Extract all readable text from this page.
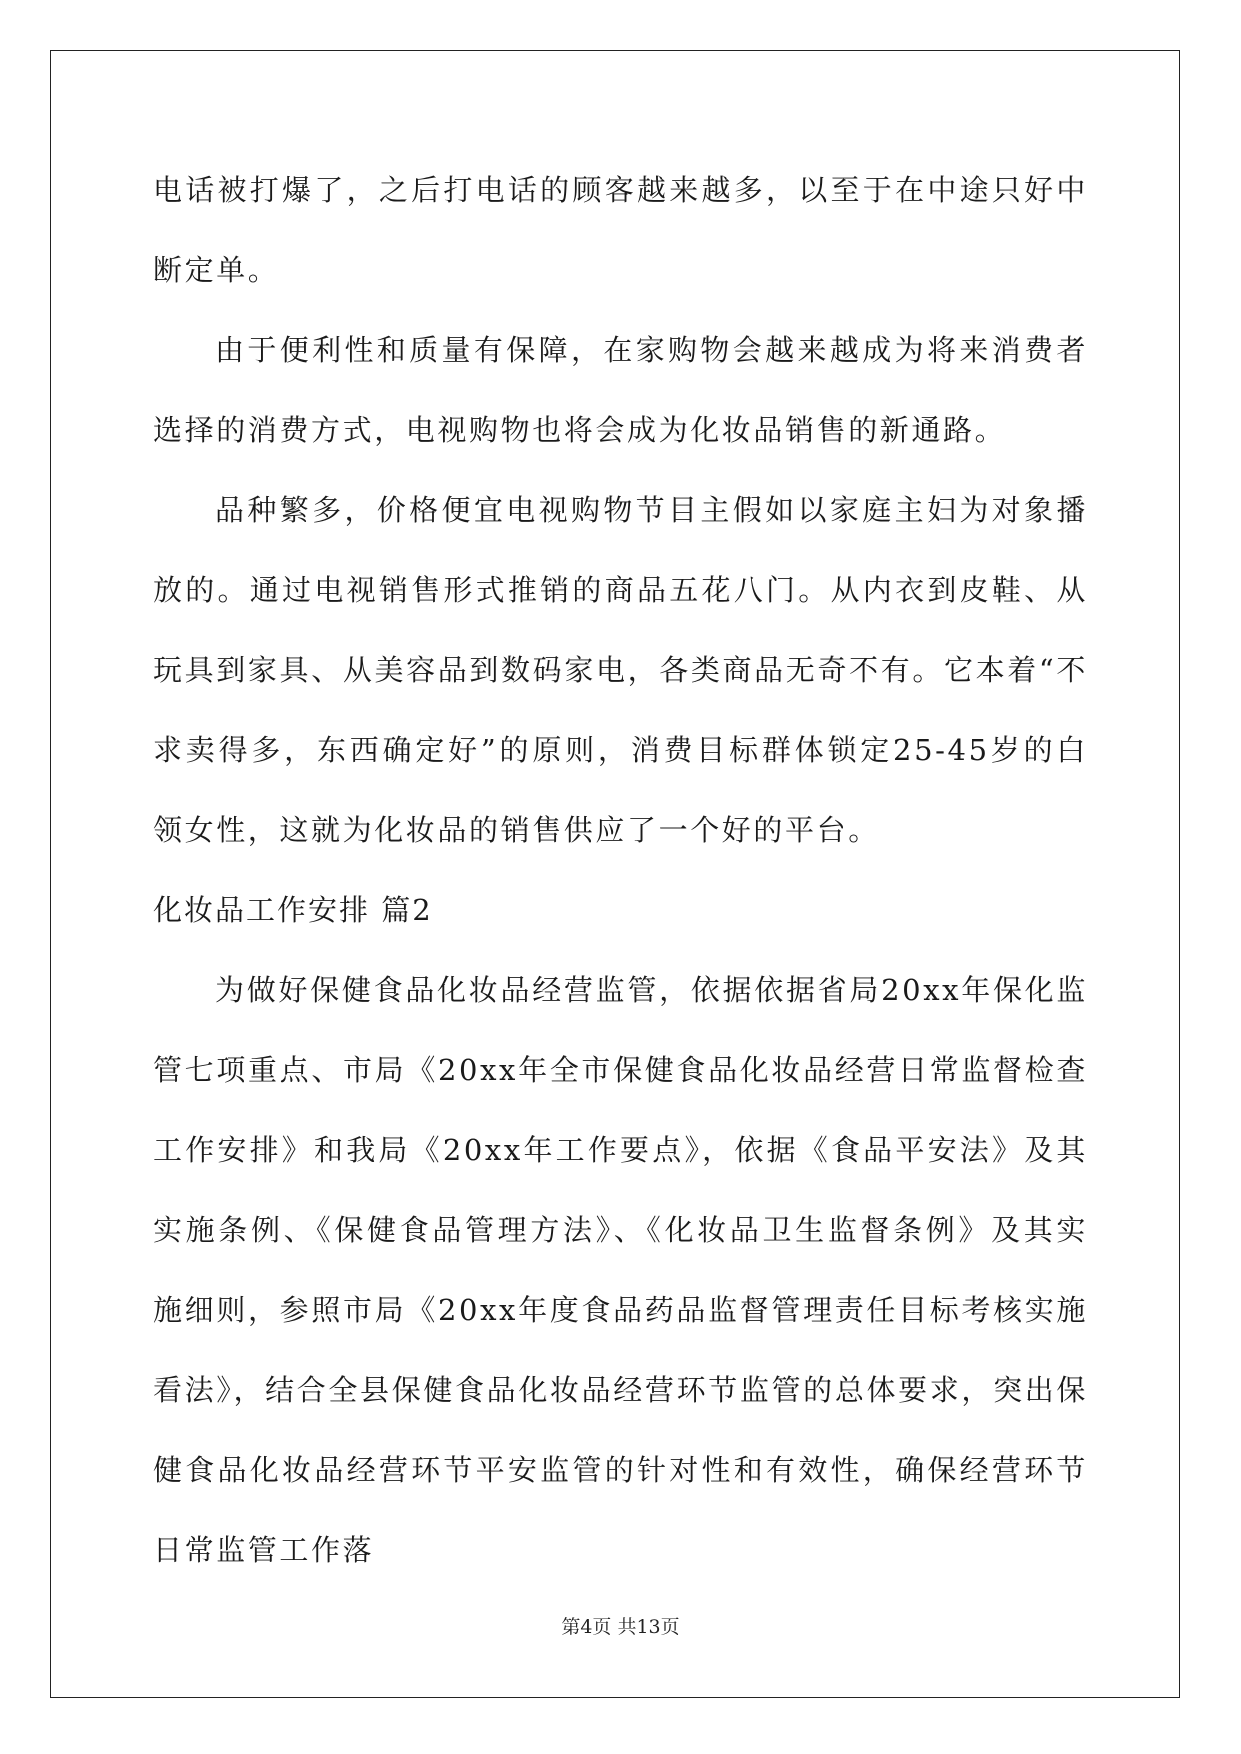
电话被打爆了，之后打电话的顾客越来越多，以至于在中途只好中断定单。

由于便利性和质量有保障，在家购物会越来越成为将来消费者选择的消费方式，电视购物也将会成为化妆品销售的新通路。

品种繁多，价格便宜电视购物节目主假如以家庭主妇为对象播放的。通过电视销售形式推销的商品五花八门。从内衣到皮鞋、从玩具到家具、从美容品到数码家电，各类商品无奇不有。它本着“不求卖得多，东西确定好”的原则，消费目标群体锁定25-45岁的白领女性，这就为化妆品的销售供应了一个好的平台。

化妆品工作安排 篇2

为做好保健食品化妆品经营监管，依据依据省局20xx年保化监管七项重点、市局《20xx年全市保健食品化妆品经营日常监督检查工作安排》和我局《20xx年工作要点》，依据《食品平安法》及其实施条例、《保健食品管理方法》、《化妆品卫生监督条例》及其实施细则，参照市局《20xx年度食品药品监督管理责任目标考核实施看法》，结合全县保健食品化妆品经营环节监管的总体要求，突出保健食品化妆品经营环节平安监管的针对性和有效性，确保经营环节日常监管工作落

第4页 共13页
